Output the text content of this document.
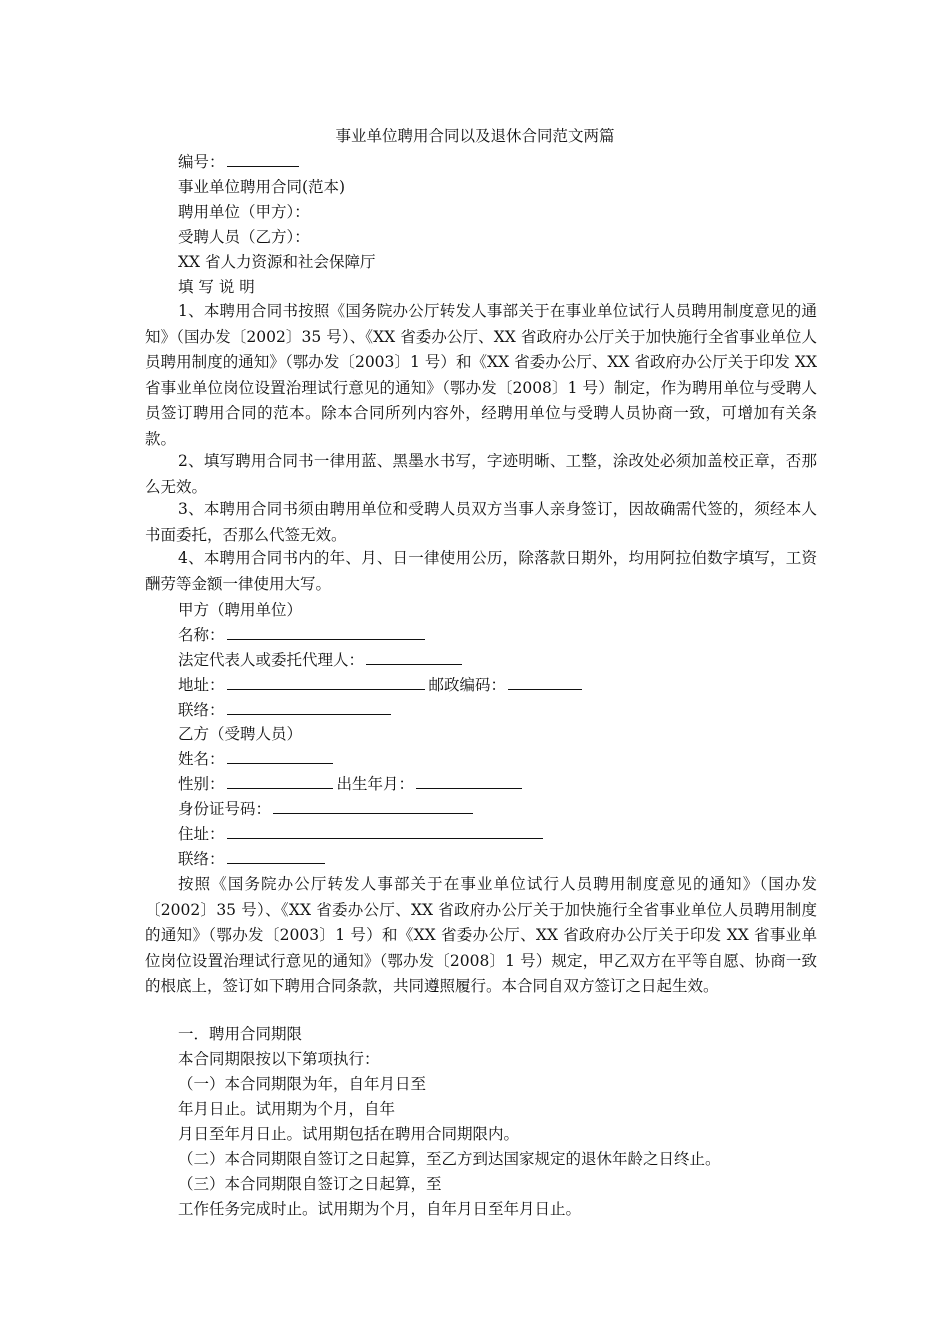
事业单位聘用合同以及退休合同范文两篇
编号：
事业单位聘用合同(范本)
聘用单位（甲方）：
受聘人员（乙方）：
XX 省人力资源和社会保障厅
填 写 说 明
1、本聘用合同书按照《国务院办公厅转发人事部关于在事业单位试行人员聘用制度意见的通知》（国办发〔2002〕35 号）、《XX 省委办公厅、XX 省政府办公厅关于加快施行全省事业单位人员聘用制度的通知》（鄂办发〔2003〕1 号）和《XX 省委办公厅、XX 省政府办公厅关于印发 XX 省事业单位岗位设置治理试行意见的通知》（鄂办发〔2008〕1 号）制定，作为聘用单位与受聘人员签订聘用合同的范本。除本合同所列内容外，经聘用单位与受聘人员协商一致，可增加有关条款。
2、填写聘用合同书一律用蓝、黑墨水书写，字迹明晰、工整，涂改处必须加盖校正章，否那么无效。
3、本聘用合同书须由聘用单位和受聘人员双方当事人亲身签订，因故确需代签的，须经本人书面委托，否那么代签无效。
4、本聘用合同书内的年、月、日一律使用公历，除落款日期外，均用阿拉伯数字填写，工资酬劳等金额一律使用大写。
甲方（聘用单位）
名称：
法定代表人或委托代理人：
地址：	邮政编码：
联络：
乙方（受聘人员）
姓名：
性别：	出生年月：
身份证号码：
住址：
联络：
按照《国务院办公厅转发人事部关于在事业单位试行人员聘用制度意见的通知》（国办发〔2002〕35 号）、《XX 省委办公厅、XX 省政府办公厅关于加快施行全省事业单位人员聘用制度的通知》（鄂办发〔2003〕1 号）和《XX 省委办公厅、XX 省政府办公厅关于印发 XX 省事业单位岗位设置治理试行意见的通知》（鄂办发〔2008〕1 号）规定，甲乙双方在平等自愿、协商一致的根底上，签订如下聘用合同条款，共同遵照履行。本合同自双方签订之日起生效。
一．聘用合同期限
本合同期限按以下第项执行：
（一）本合同期限为年，自年月日至
年月日止。试用期为个月，自年
月日至年月日止。试用期包括在聘用合同期限内。
（二）本合同期限自签订之日起算，至乙方到达国家规定的退休年龄之日终止。
（三）本合同期限自签订之日起算，至
工作任务完成时止。试用期为个月，自年月日至年月日止。
